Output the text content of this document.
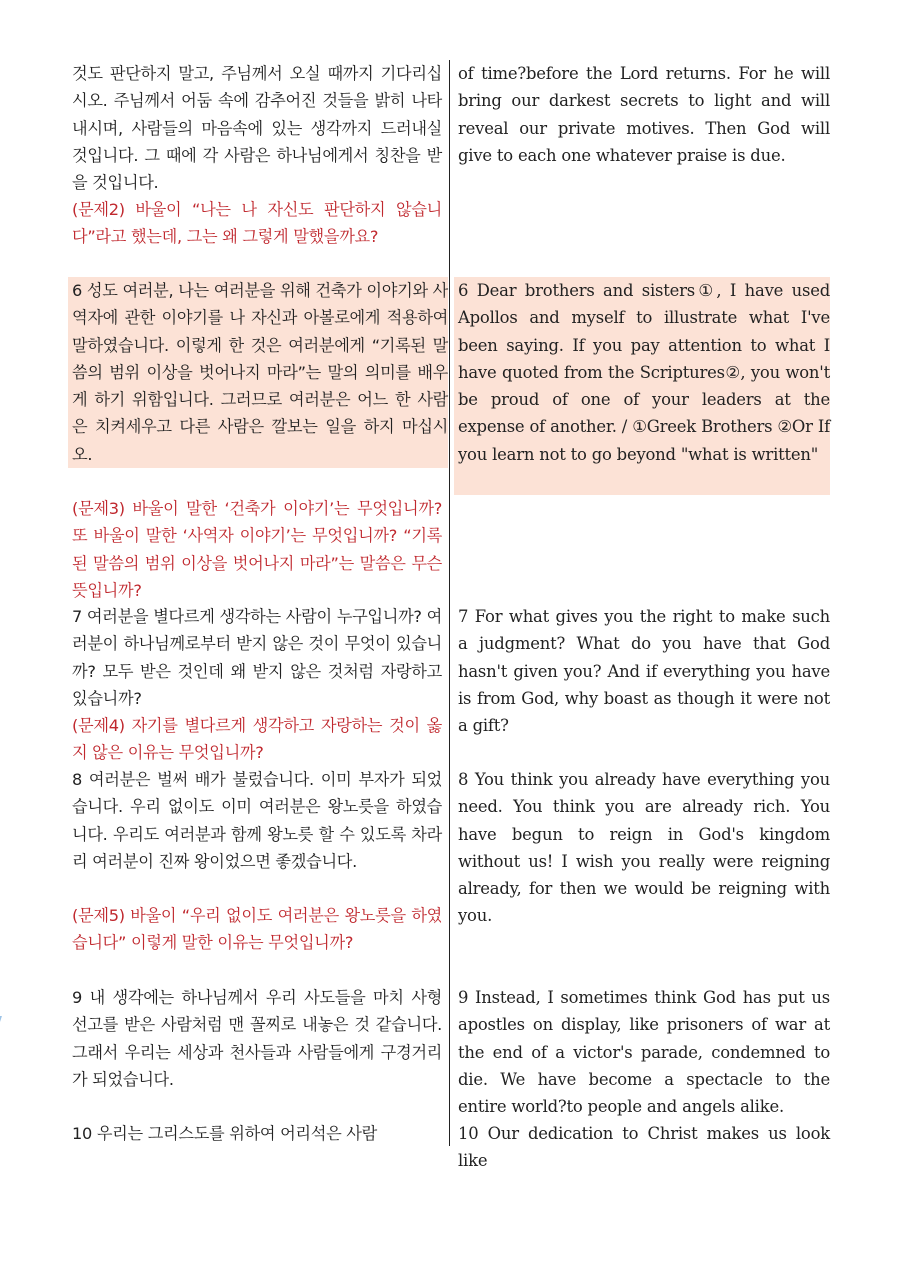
2
것도 판단하지 말고, 주님께서 오실 때까지 기다리십시오. 주님께서 어둠 속에 감추어진 것들을 밝히 나타내시며, 사람들의 마음속에 있는 생각까지 드러내실 것입니다. 그 때에 각 사람은 하나님에게서 칭찬을 받을 것입니다.
(문제2) 바울이 “나는 나 자신도 판단하지 않습니다”라고 했는데, 그는 왜 그렇게 말했을까요?
6 성도 여러분, 나는 여러분을 위해 건축가 이야기와 사역자에 관한 이야기를 나 자신과 아볼로에게 적용하여 말하였습니다. 이렇게 한 것은 여러분에게 “기록된 말씀의 범위 이상을 벗어나지 마라”는 말의 의미를 배우게 하기 위함입니다. 그러므로 여러분은 어느 한 사람은 치켜세우고 다른 사람은 깔보는 일을 하지 마십시오.
(문제3) 바울이 말한 ‘건축가 이야기’는 무엇입니까? 또 바울이 말한 ‘사역자 이야기’는 무엇입니까? “기록된 말씀의 범위 이상을 벗어나지 마라”는 말씀은 무슨 뜻입니까?
7 여러분을 별다르게 생각하는 사람이 누구입니까? 여러분이 하나님께로부터 받지 않은 것이 무엇이 있습니까? 모두 받은 것인데 왜 받지 않은 것처럼 자랑하고 있습니까?
(문제4) 자기를 별다르게 생각하고 자랑하는 것이 옳지 않은 이유는 무엇입니까?
8 여러분은 벌써 배가 불렀습니다. 이미 부자가 되었습니다. 우리 없이도 이미 여러분은 왕노릇을 하였습니다. 우리도 여러분과 함께 왕노릇 할 수 있도록 차라리 여러분이 진짜 왕이었으면 좋겠습니다.
(문제5) 바울이 “우리 없이도 여러분은 왕노릇을 하였습니다” 이렇게 말한 이유는 무엇입니까?
9 내 생각에는 하나님께서 우리 사도들을 마치 사형 선고를 받은 사람처럼 맨 꼴찌로 내놓은 것 같습니다. 그래서 우리는 세상과 천사들과 사람들에게 구경거리가 되었습니다.
10 우리는 그리스도를 위하여 어리석은 사람
of time?before the Lord returns. For he will bring our darkest secrets to light and will reveal our private motives. Then God will give to each one whatever praise is due.
6 Dear brothers and sisters①, I have used Apollos and myself to illustrate what I've been saying. If you pay attention to what I have quoted from the Scriptures②, you won't be proud of one of your leaders at the expense of another. / ①Greek Brothers ②Or If you learn not to go beyond "what is written"
7 For what gives you the right to make such a judgment? What do you have that God hasn't given you? And if everything you have is from God, why boast as though it were not a gift?
8 You think you already have everything you need. You think you are already rich. You have begun to reign in God's kingdom without us! I wish you really were reigning already, for then we would be reigning with you.
9 Instead, I sometimes think God has put us apostles on display, like prisoners of war at the end of a victor's parade, condemned to die. We have become a spectacle to the entire world?to people and angels alike.
10 Our dedication to Christ makes us look like
